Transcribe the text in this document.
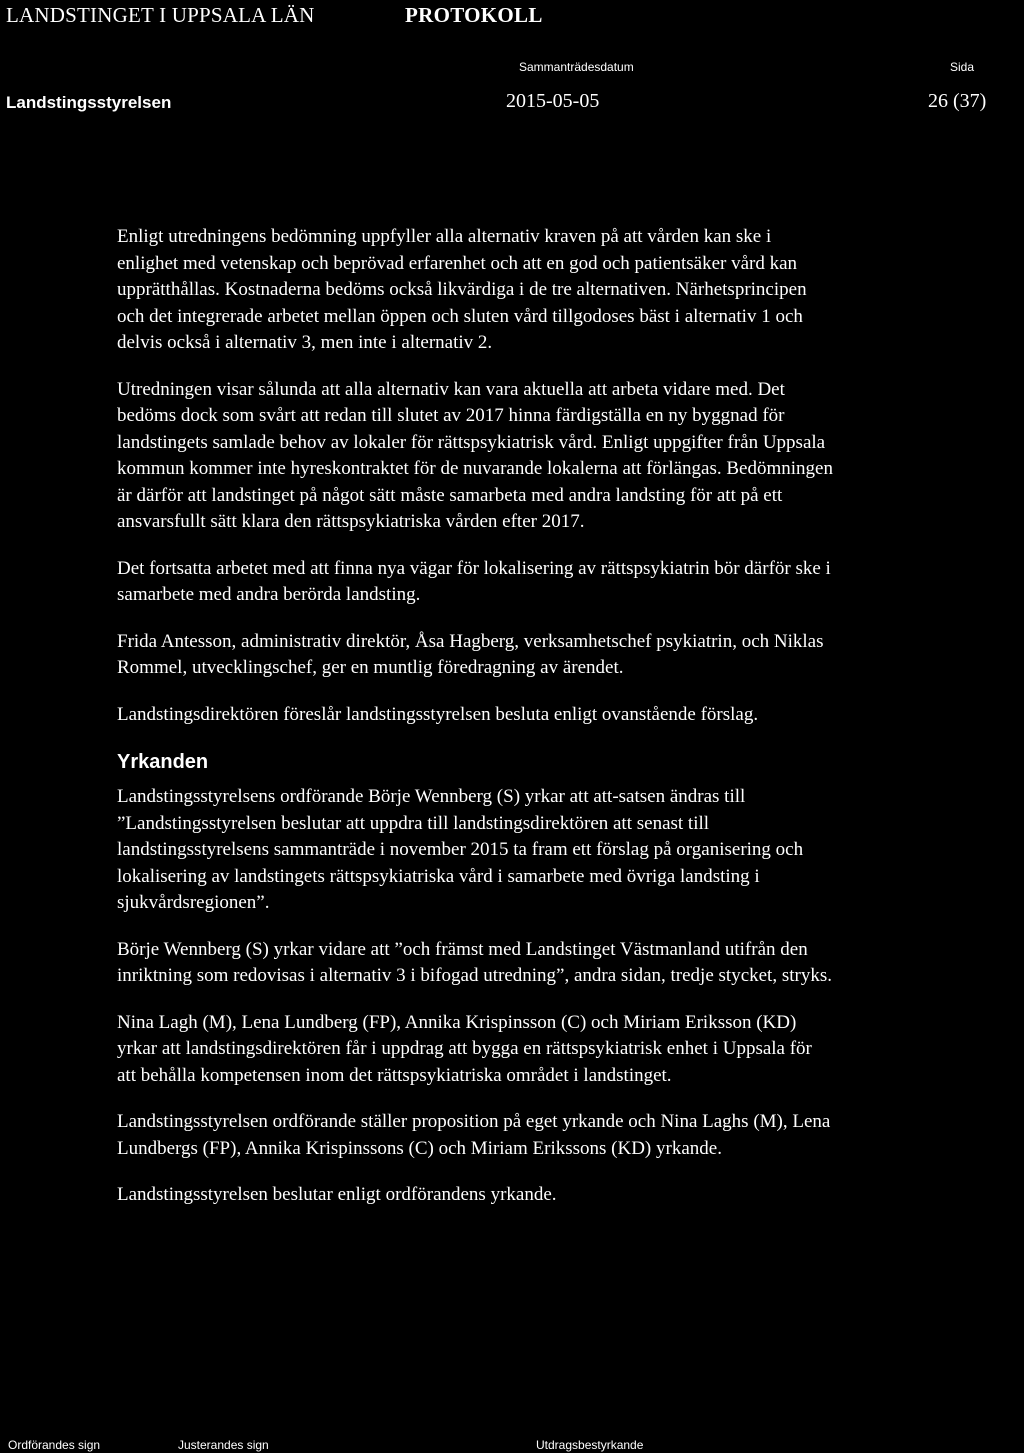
LANDSTINGET I UPPSALA LÄN	PROTOKOLL
Sammanträdesdatum	Sida
Landstingsstyrelsen	2015-05-05	26 (37)
Enligt utredningens bedömning uppfyller alla alternativ kraven på att vården kan ske i
enlighet med vetenskap och beprövad erfarenhet och att en god och patientsäker vård kan
upprätthållas. Kostnaderna bedöms också likvärdiga i de tre alternativen. Närhetsprincipen
och det integrerade arbetet mellan öppen och sluten vård tillgodoses bäst i alternativ 1 och
delvis också i alternativ 3, men inte i alternativ 2.
Utredningen visar sålunda att alla alternativ kan vara aktuella att arbeta vidare med. Det
bedöms dock som svårt att redan till slutet av 2017 hinna färdigställa en ny byggnad för
landstingets samlade behov av lokaler för rättspsykiatrisk vård. Enligt uppgifter från Uppsala
kommun kommer inte hyreskontraktet för de nuvarande lokalerna att förlängas. Bedömningen
är därför att landstinget på något sätt måste samarbeta med andra landsting för att på ett
ansvarsfullt sätt klara den rättspsykiatriska vården efter 2017.
Det fortsatta arbetet med att finna nya vägar för lokalisering av rättspsykiatrin bör därför ske i
samarbete med andra berörda landsting.
Frida Antesson, administrativ direktör, Åsa Hagberg, verksamhetschef psykiatrin, och Niklas
Rommel, utvecklingschef, ger en muntlig föredragning av ärendet.
Landstingsdirektören föreslår landstingsstyrelsen besluta enligt ovanstående förslag.
Yrkanden
Landstingsstyrelsens ordförande Börje Wennberg (S) yrkar att att-satsen ändras till
”Landstingsstyrelsen beslutar att uppdra till landstingsdirektören att senast till
landstingsstyrelsens sammanträde i november 2015 ta fram ett förslag på organisering och
lokalisering av landstingets rättspsykiatriska vård i samarbete med övriga landsting i
sjukvårdsregionen”.
Börje Wennberg (S) yrkar vidare att ”och främst med Landstinget Västmanland utifrån den
inriktning som redovisas i alternativ 3 i bifogad utredning”, andra sidan, tredje stycket, stryks.
Nina Lagh (M), Lena Lundberg (FP), Annika Krispinsson (C) och Miriam Eriksson (KD)
yrkar att landstingsdirektören får i uppdrag att bygga en rättspsykiatrisk enhet i Uppsala för
att behålla kompetensen inom det rättspsykiatriska området i landstinget.
Landstingsstyrelsen ordförande ställer proposition på eget yrkande och Nina Laghs (M), Lena
Lundbergs (FP), Annika Krispinssons (C) och Miriam Erikssons (KD) yrkande.
Landstingsstyrelsen beslutar enligt ordförandens yrkande.
Ordförandes sign	Justerandes sign	Utdragsbestyrkande
